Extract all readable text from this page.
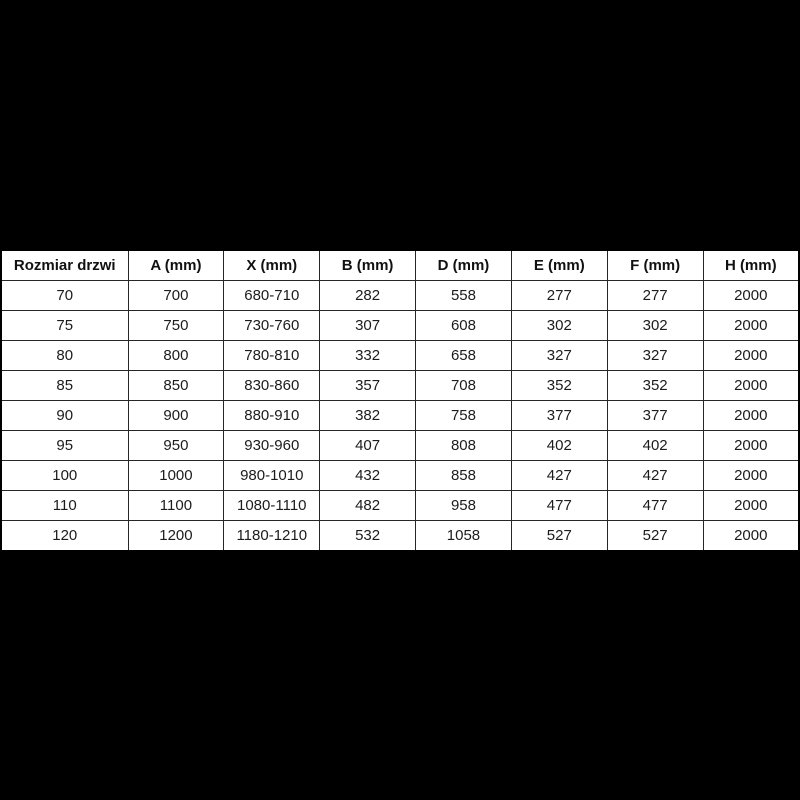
Rozmiar drzwi	A (mm)	X (mm)	B (mm)	D (mm)	E (mm)	F (mm)	H (mm)
70	700	680-710	282	558	277	277	2000
75	750	730-760	307	608	302	302	2000
80	800	780-810	332	658	327	327	2000
85	850	830-860	357	708	352	352	2000
90	900	880-910	382	758	377	377	2000
95	950	930-960	407	808	402	402	2000
100	1000	980-1010	432	858	427	427	2000
110	1100	1080-1110	482	958	477	477	2000
120	1200	1180-1210	532	1058	527	527	2000
